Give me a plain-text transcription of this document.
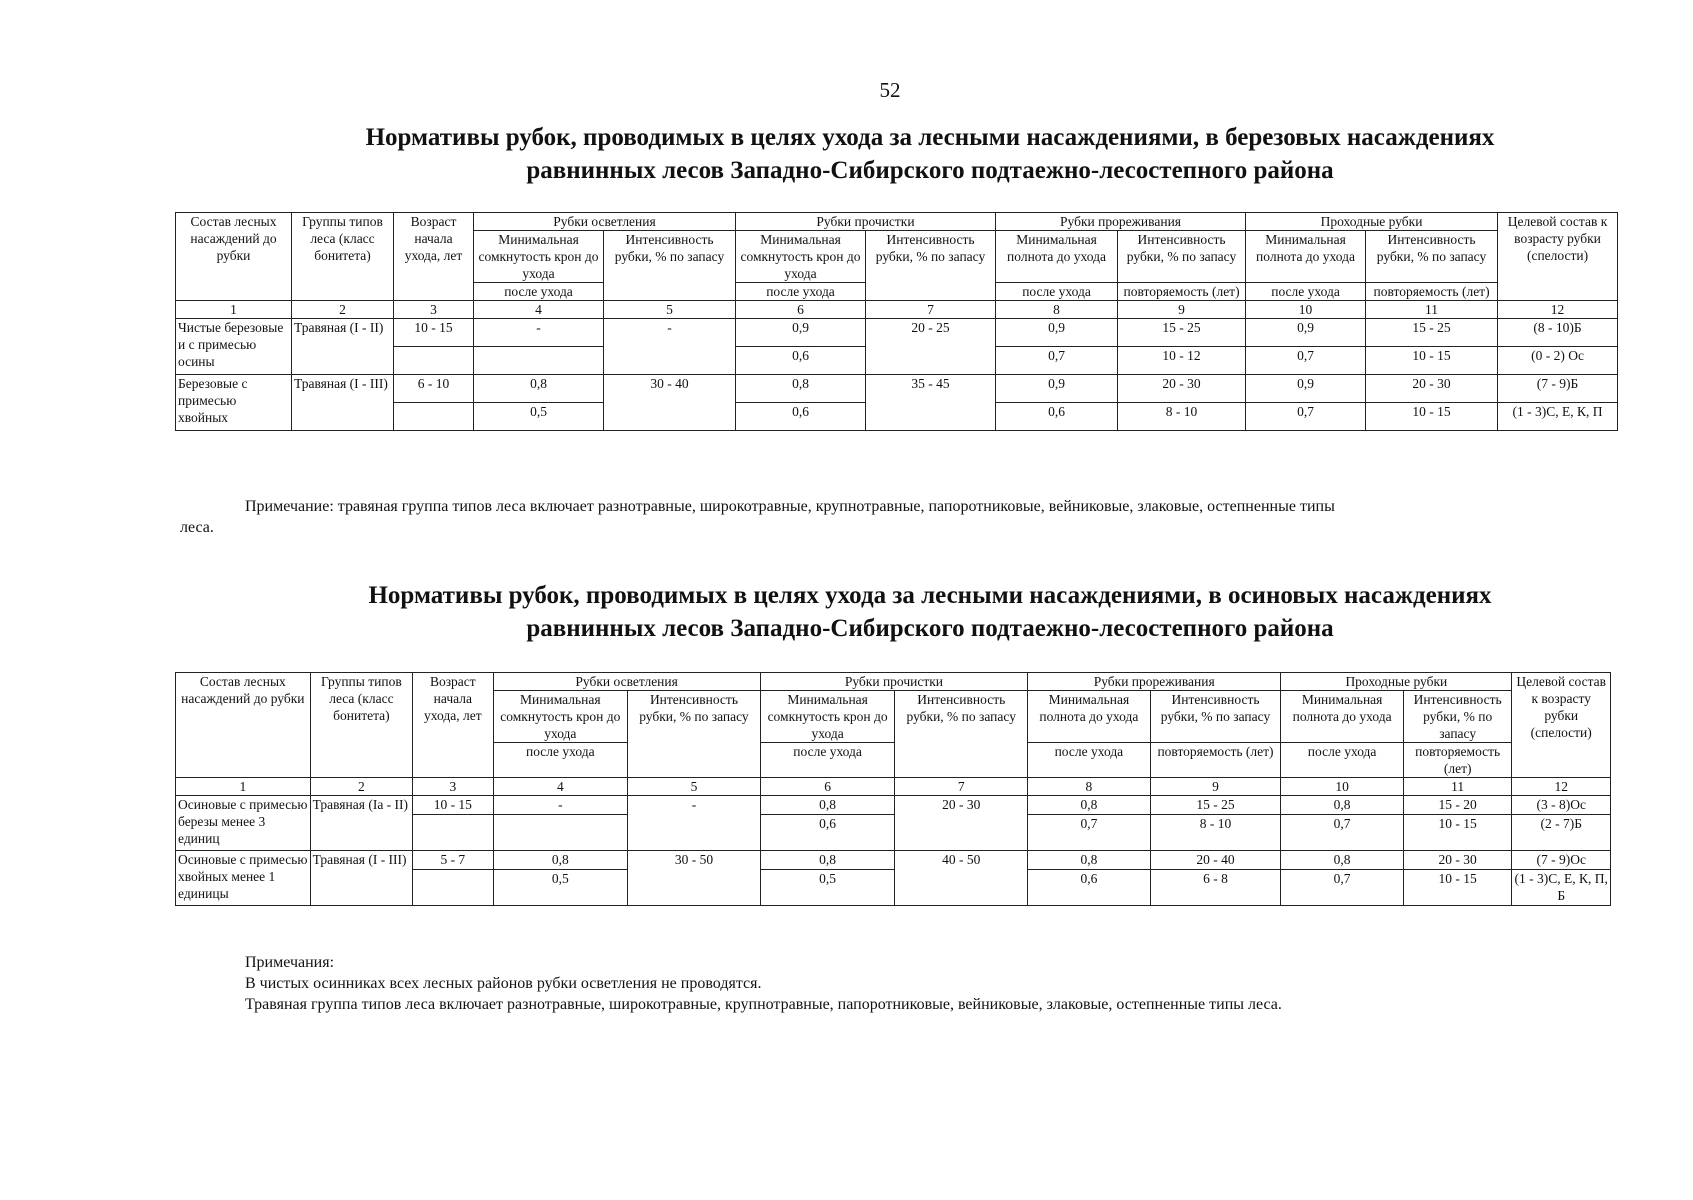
52
Нормативы рубок, проводимых в целях ухода за лесными насаждениями, в березовых насаждениях
равнинных лесов Западно-Сибирского подтаежно-лесостепного района
Состав лесных насаждений до рубки	Группы типов леса (класс бонитета)	Возраст начала ухода, лет	Рубки осветления		Рубки прочистки		Рубки прореживания		Проходные рубки		Целевой состав к возрасту рубки (спелости)
			Минимальная сомкнутость крон до ухода	Интенсивность рубки, % по запасу	Минимальная сомкнутость крон до ухода	Интенсивность рубки, % по запасу	Минимальная полнота до ухода	Интенсивность рубки, % по запасу	Минимальная полнота до ухода	Интенсивность рубки, % по запасу	
			после ухода		после ухода		после ухода	повторяемость (лет)	после ухода	повторяемость (лет)	
1	2	3	4	5	6	7	8	9	10	11	12
Чистые березовые и с примесью осины	Травяная (I - II)	10 - 15	-	-	0,9	20 - 25	0,9	15 - 25	0,9	15 - 25	(8 - 10)Б
					0,6		0,7	10 - 12	0,7	10 - 15	(0 - 2) Ос
Березовые с примесью хвойных	Травяная (I - III)	6 - 10	0,8	30 - 40	0,8	35 - 45	0,9	20 - 30	0,9	20 - 30	(7 - 9)Б
			0,5		0,6		0,6	8 - 10	0,7	10 - 15	(1 - 3)С, Е, К, П
Примечание: травяная группа типов леса включает разнотравные, широкотравные, крупнотравные, папоротниковые, вейниковые, злаковые, остепненные типы
леса.
Нормативы рубок, проводимых в целях ухода за лесными насаждениями, в осиновых насаждениях
равнинных лесов Западно-Сибирского подтаежно-лесостепного района
Состав лесных насаждений до рубки	Группы типов леса (класс бонитета)	Возраст начала ухода, лет	Рубки осветления		Рубки прочистки		Рубки прореживания		Проходные рубки		Целевой состав к возрасту рубки (спелости)
			Минимальная сомкнутость крон до ухода	Интенсивность рубки, % по запасу	Минимальная сомкнутость крон до ухода	Интенсивность рубки, % по запасу	Минимальная полнота до ухода	Интенсивность рубки, % по запасу	Минимальная полнота до ухода	Интенсивность рубки, % по запасу	
			после ухода		после ухода		после ухода	повторяемость (лет)	после ухода	повторяемость (лет)	
1	2	3	4	5	6	7	8	9	10	11	12
Осиновые с примесью березы менее 3 единиц	Травяная (Ia - II)	10 - 15	-	-	0,8	20 - 30	0,8	15 - 25	0,8	15 - 20	(3 - 8)Ос
					0,6		0,7	8 - 10	0,7	10 - 15	(2 - 7)Б
Осиновые с примесью хвойных менее 1 единицы	Травяная (I - III)	5 - 7	0,8	30 - 50	0,8	40 - 50	0,8	20 - 40	0,8	20 - 30	(7 - 9)Ос
			0,5		0,5		0,6	6 - 8	0,7	10 - 15	(1 - 3)С, Е, К, П, Б
Примечания:
В чистых осинниках всех лесных районов рубки осветления не проводятся.
Травяная группа типов леса включает разнотравные, широкотравные, крупнотравные, папоротниковые, вейниковые, злаковые, остепненные типы леса.
